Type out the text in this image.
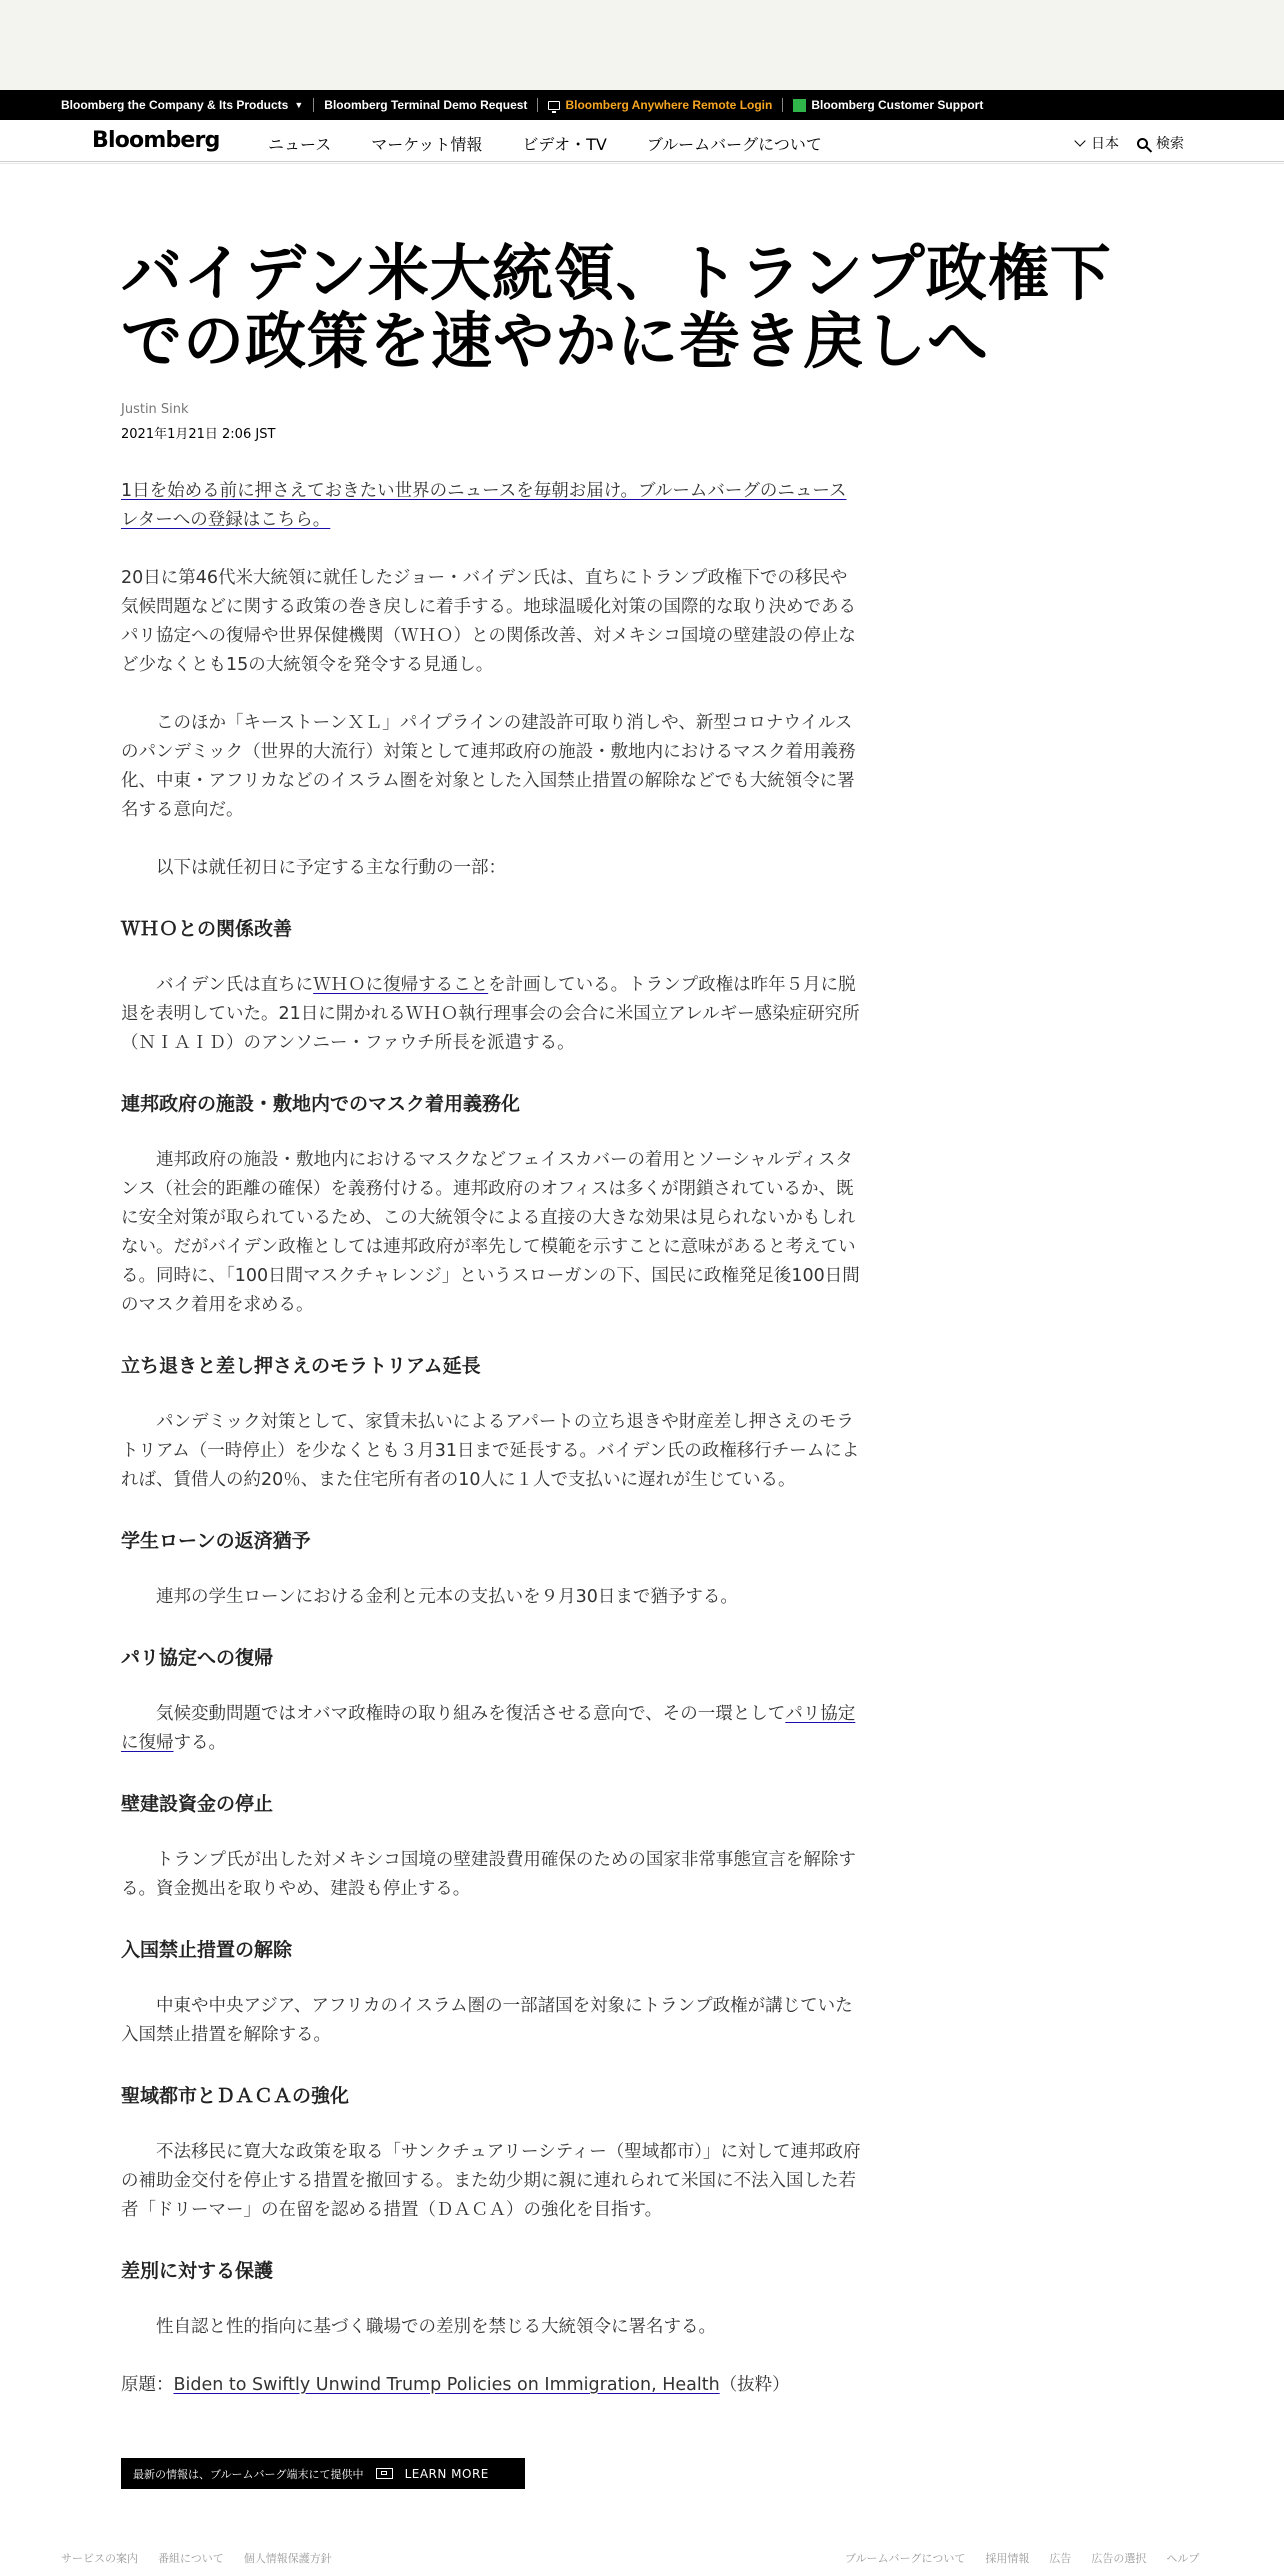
Bloomberg the Company & Its Products ▼ Bloomberg Terminal Demo Request	Bloomberg Anywhere Remote Login	Bloomberg Customer Support
Bloomberg	ニュース	マーケット情報	ビデオ・TV	ブルームバーグについて	日本	検索
バイデン米大統領、トランプ政権下での政策を速やかに巻き戻しへ
Justin Sink
2021年1月21日 2:06 JST

1日を始める前に押さえておきたい世界のニュースを毎朝お届け。ブルームバーグのニュースレターへの登録はこちら。

20日に第46代米大統領に就任したジョー・バイデン氏は、直ちにトランプ政権下での移民や気候問題などに関する政策の巻き戻しに着手する。地球温暖化対策の国際的な取り決めであるパリ協定への復帰や世界保健機関（ＷＨＯ）との関係改善、対メキシコ国境の壁建設の停止など少なくとも15の大統領令を発令する見通し。

このほか「キーストーンＸＬ」パイプラインの建設許可取り消しや、新型コロナウイルスのパンデミック（世界的大流行）対策として連邦政府の施設・敷地内におけるマスク着用義務化、中東・アフリカなどのイスラム圏を対象とした入国禁止措置の解除などでも大統領令に署名する意向だ。

以下は就任初日に予定する主な行動の一部：

ＷＨＯとの関係改善

バイデン氏は直ちにＷＨＯに復帰することを計画している。トランプ政権は昨年５月に脱退を表明していた。21日に開かれるＷＨＯ執行理事会の会合に米国立アレルギー感染症研究所（ＮＩＡＩＤ）のアンソニー・ファウチ所長を派遣する。

連邦政府の施設・敷地内でのマスク着用義務化

連邦政府の施設・敷地内におけるマスクなどフェイスカバーの着用とソーシャルディスタンス（社会的距離の確保）を義務付ける。連邦政府のオフィスは多くが閉鎖されているか、既に安全対策が取られているため、この大統領令による直接の大きな効果は見られないかもしれない。だがバイデン政権としては連邦政府が率先して模範を示すことに意味があると考えている。同時に、「100日間マスクチャレンジ」というスローガンの下、国民に政権発足後100日間のマスク着用を求める。

立ち退きと差し押さえのモラトリアム延長

パンデミック対策として、家賃未払いによるアパートの立ち退きや財産差し押さえのモラトリアム（一時停止）を少なくとも３月31日まで延長する。バイデン氏の政権移行チームによれば、賃借人の約20％、また住宅所有者の10人に１人で支払いに遅れが生じている。

学生ローンの返済猶予

連邦の学生ローンにおける金利と元本の支払いを９月30日まで猶予する。

パリ協定への復帰

気候変動問題ではオバマ政権時の取り組みを復活させる意向で、その一環としてパリ協定に復帰する。

壁建設資金の停止

トランプ氏が出した対メキシコ国境の壁建設費用確保のための国家非常事態宣言を解除する。資金拠出を取りやめ、建設も停止する。

入国禁止措置の解除

中東や中央アジア、アフリカのイスラム圏の一部諸国を対象にトランプ政権が講じていた入国禁止措置を解除する。

聖域都市とＤＡＣＡの強化

不法移民に寛大な政策を取る「サンクチュアリーシティー（聖域都市）」に対して連邦政府の補助金交付を停止する措置を撤回する。また幼少期に親に連れられて米国に不法入国した若者「ドリーマー」の在留を認める措置（ＤＡＣＡ）の強化を目指す。

差別に対する保護

性自認と性的指向に基づく職場での差別を禁じる大統領令に署名する。

原題：Biden to Swiftly Unwind Trump Policies on Immigration, Health（抜粋）

最新の情報は、ブルームバーグ端末にて提供中	LEARN MORE
サービスの案内 番組について 個人情報保護方針	ブルームバーグについて 採用情報 広告 広告の選択 ヘルプ
